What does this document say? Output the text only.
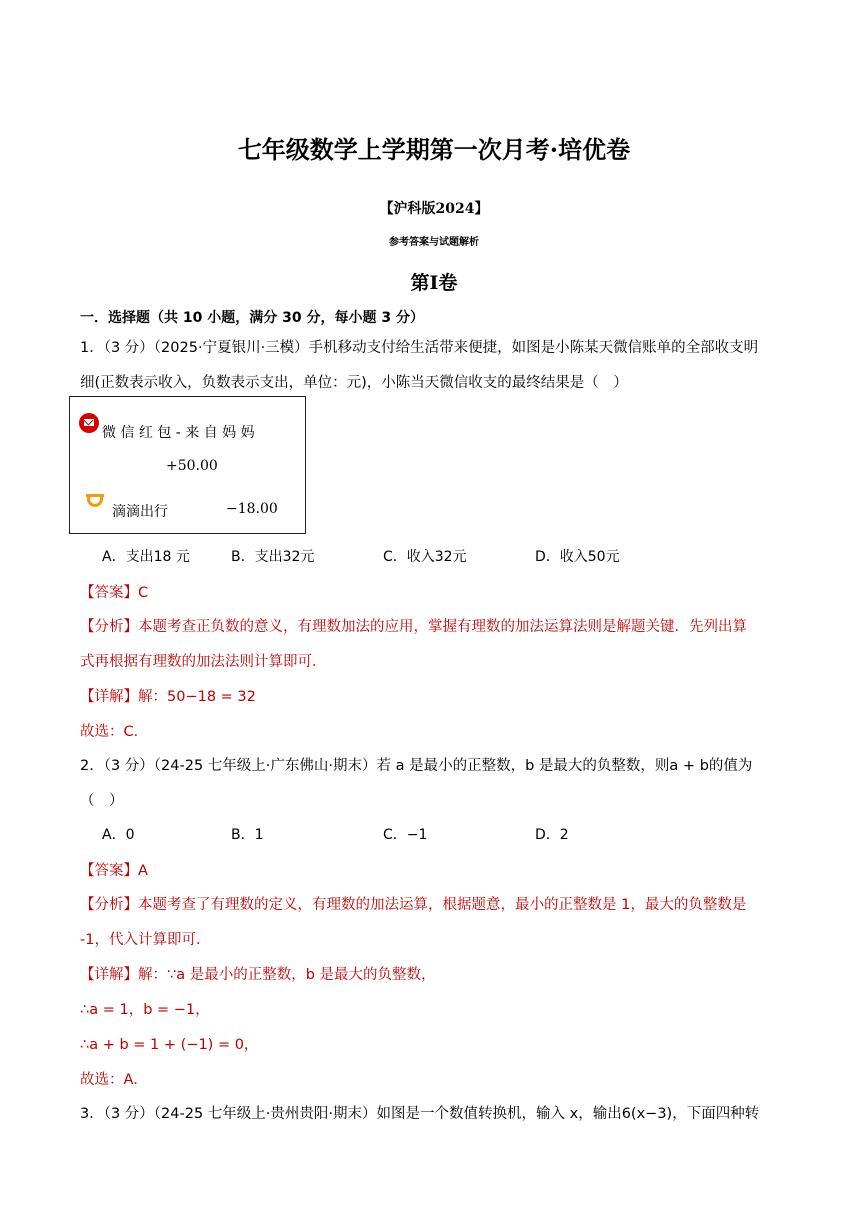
七年级数学上学期第一次月考·培优卷
【沪科版2024】
参考答案与试题解析
第I卷
一．选择题（共 10 小题，满分 30 分，每小题 3 分）
1．（3 分）（2025·宁夏银川·三模）手机移动支付给生活带来便捷，如图是小陈某天微信账单的全部收支明
细(正数表示收入，负数表示支出，单位：元)，小陈当天微信收支的最终结果是（　）
微 信 红 包 - 来 自 妈 妈
+50.00
滴滴出行	−18.00
A．支出18 元	B．支出32元	C．收入32元	D．收入50元
【答案】C
【分析】本题考查正负数的意义，有理数加法的应用，掌握有理数的加法运算法则是解题关键．先列出算
式再根据有理数的加法法则计算即可．
【详解】解：50−18 = 32
故选：C．
2．（3 分）（24-25 七年级上·广东佛山·期末）若 a 是最小的正整数，b 是最大的负整数，则a + b的值为
（　）
A．0	B．1	C．−1	D．2
【答案】A
【分析】本题考查了有理数的定义，有理数的加法运算，根据题意，最小的正整数是 1，最大的负整数是
-1，代入计算即可．
【详解】解：∵a 是最小的正整数，b 是最大的负整数，
∴a = 1，b = −1，
∴a + b = 1 + (−1) = 0，
故选：A．
3．（3 分）（24-25 七年级上·贵州贵阳·期末）如图是一个数值转换机，输入 x，输出6(x−3)，下面四种转
